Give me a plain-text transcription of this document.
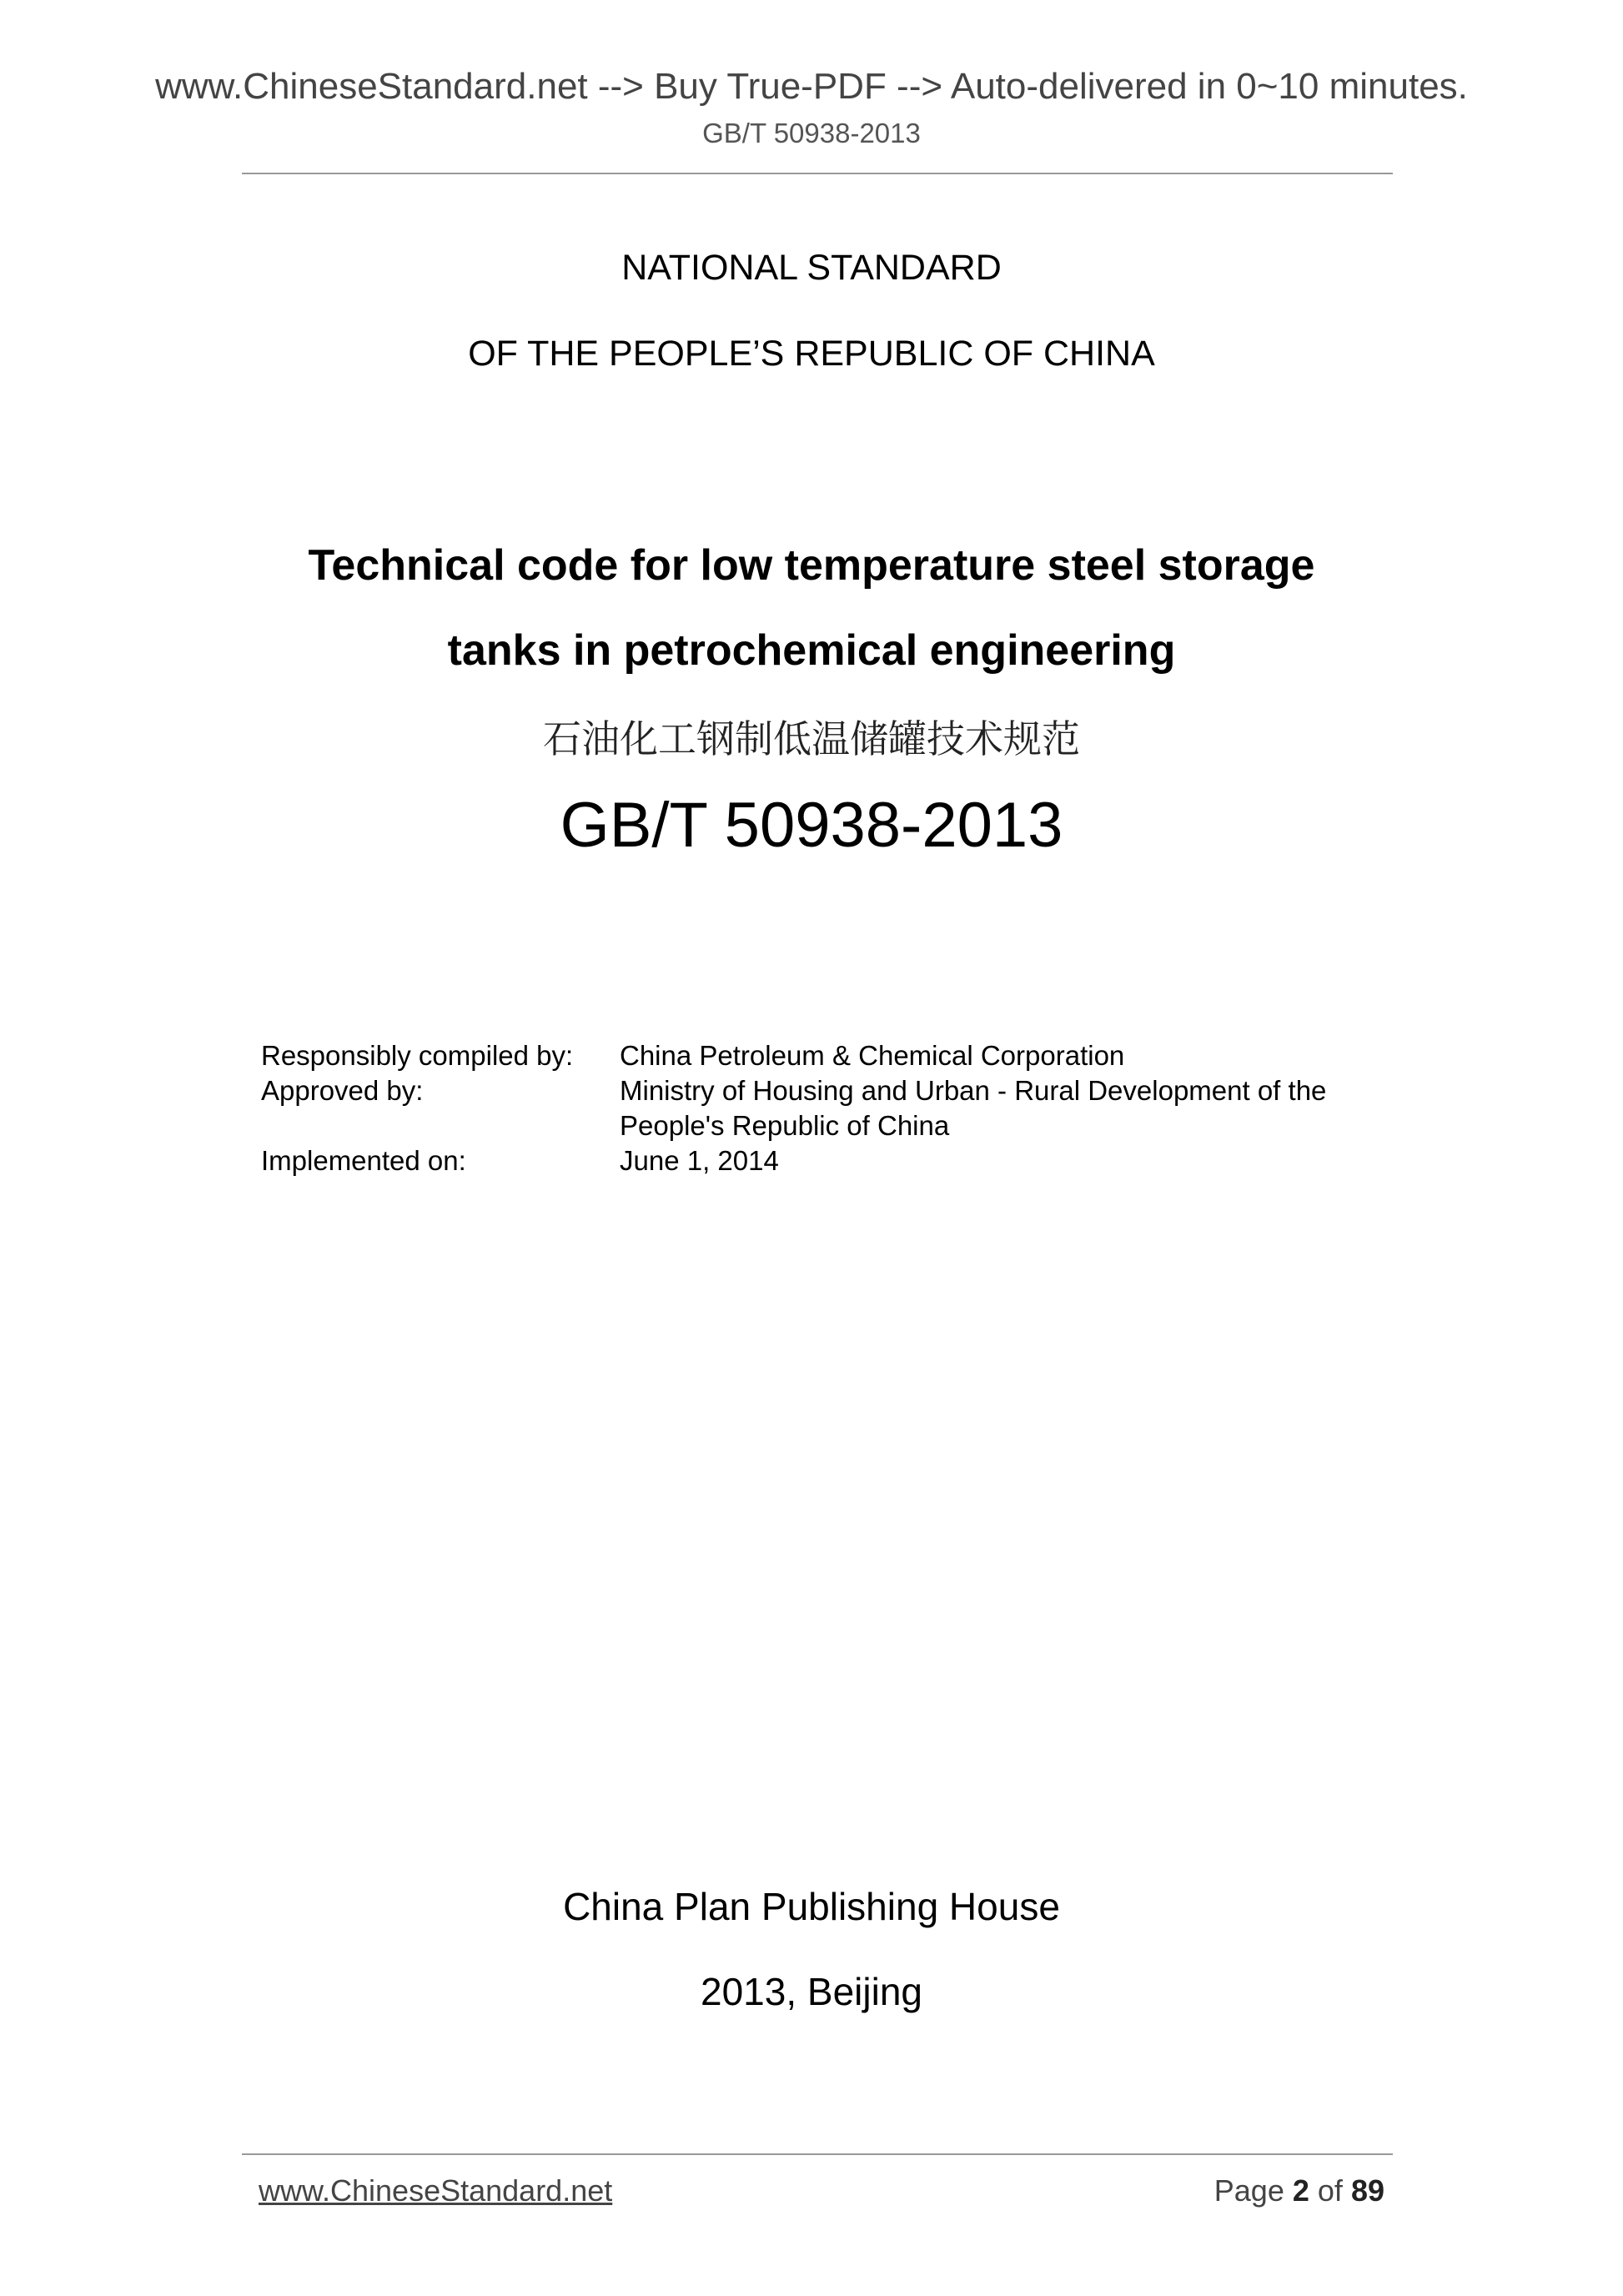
www.ChineseStandard.net --> Buy True-PDF --> Auto-delivered in 0~10 minutes.
GB/T 50938-2013
NATIONAL STANDARD
OF THE PEOPLE’S REPUBLIC OF CHINA
Technical code for low temperature steel storage
tanks in petrochemical engineering
石油化工钢制低温储罐技术规范
GB/T 50938-2013
Responsibly compiled by:	China Petroleum & Chemical Corporation
Approved by:	Ministry of Housing and Urban - Rural Development of the
People's Republic of China
Implemented on:	June 1, 2014
China Plan Publishing House
2013, Beijing
www.ChineseStandard.net	Page 2 of 89
